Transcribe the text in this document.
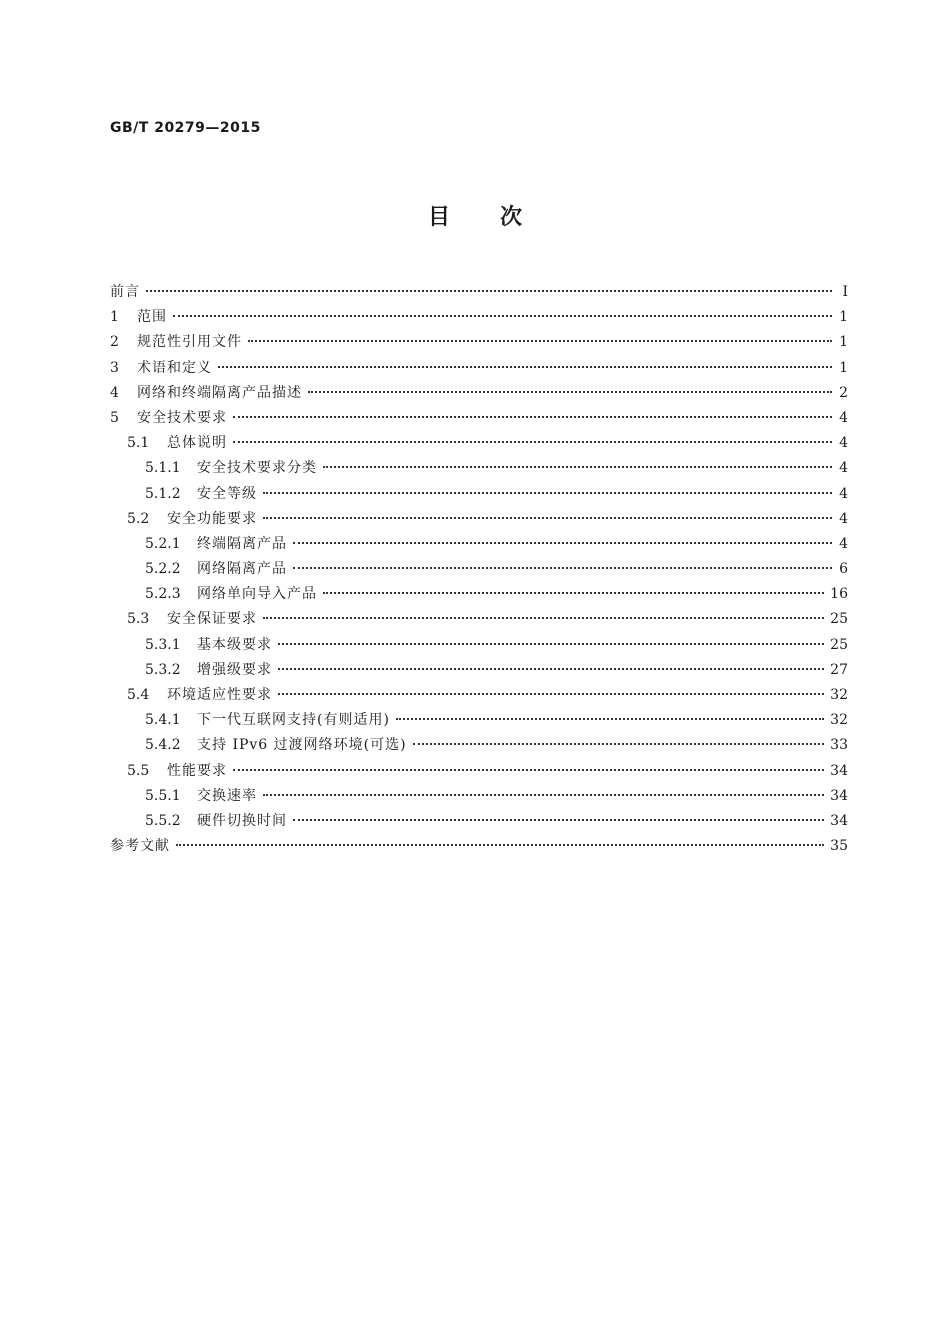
GB/T 20279—2015
目次
前言	Ⅰ
1	范围	1
2	规范性引用文件	1
3	术语和定义	1
4	网络和终端隔离产品描述	2
5	安全技术要求	4
5.1	总体说明	4
5.1.1	安全技术要求分类	4
5.1.2	安全等级	4
5.2	安全功能要求	4
5.2.1	终端隔离产品	4
5.2.2	网络隔离产品	6
5.2.3	网络单向导入产品	16
5.3	安全保证要求	25
5.3.1	基本级要求	25
5.3.2	增强级要求	27
5.4	环境适应性要求	32
5.4.1	下一代互联网支持(有则适用)	32
5.4.2	支持 IPv6 过渡网络环境(可选)	33
5.5	性能要求	34
5.5.1	交换速率	34
5.5.2	硬件切换时间	34
参考文献	35
